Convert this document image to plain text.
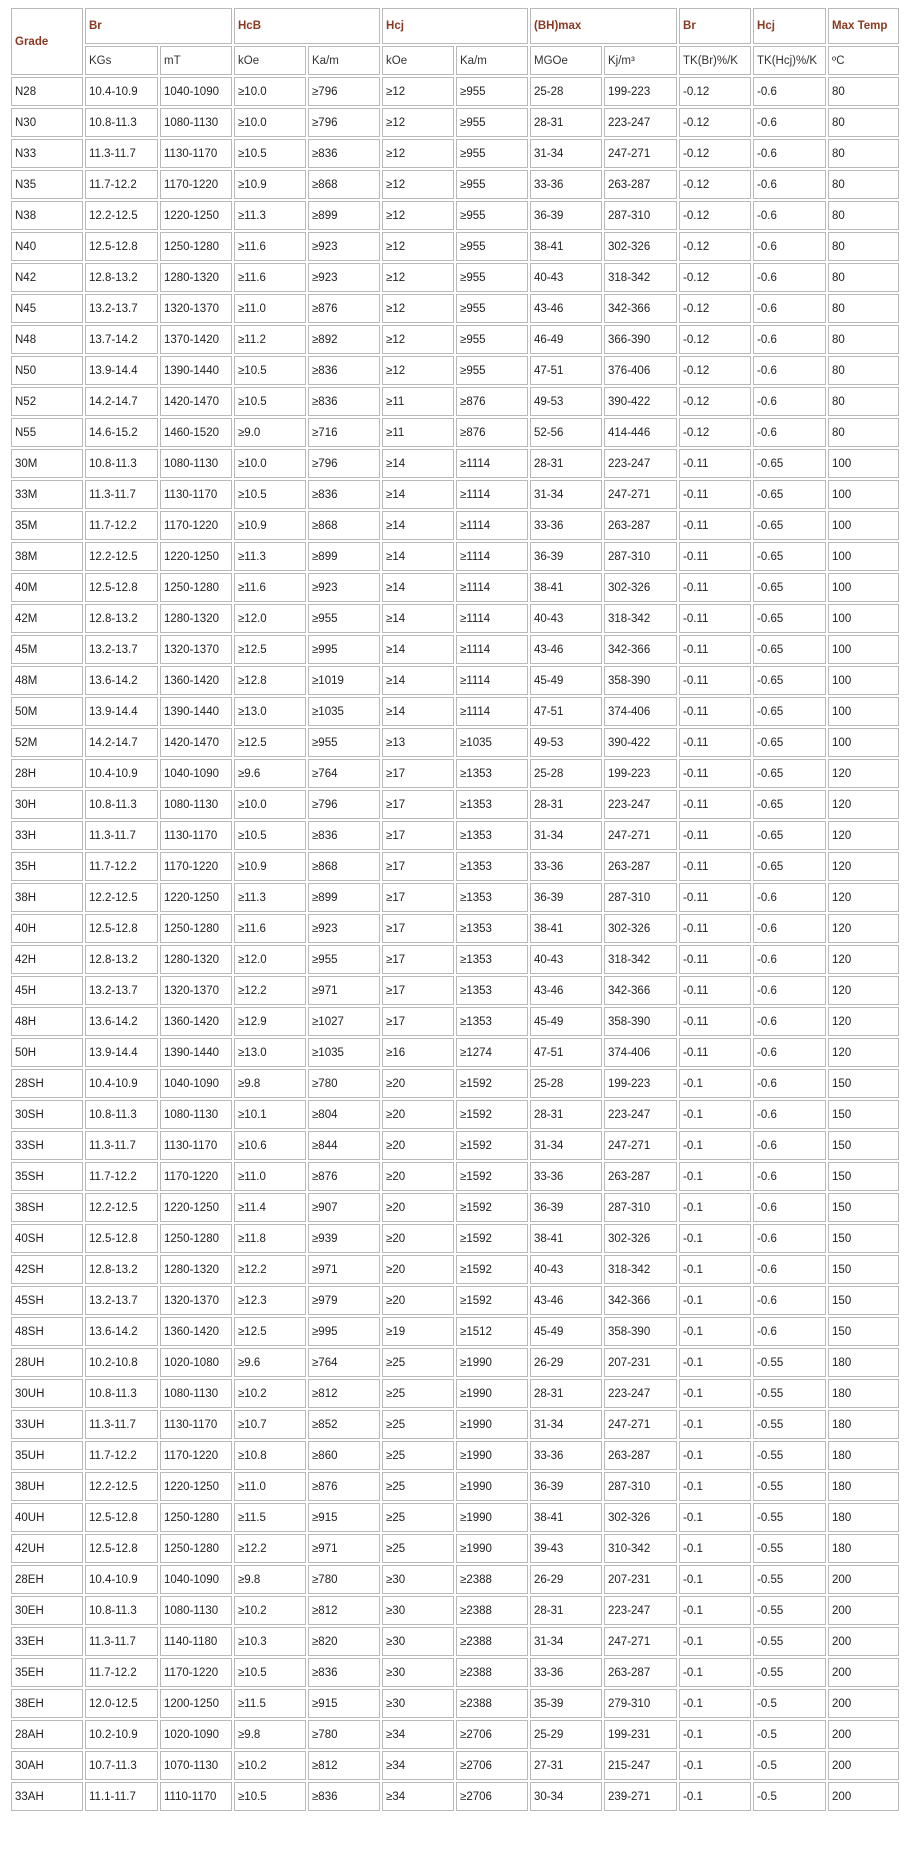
Grade	Br		HcB		Hcj		(BH)max		Br	Hcj	Max Temp
	KGs	mT	kOe	Ka/m	kOe	Ka/m	MGOe	Kj/m³	TK(Br)%/K	TK(Hcj)%/K	ºC
N28	10.4-10.9	1040-1090	≥10.0	≥796	≥12	≥955	25-28	199-223	-0.12	-0.6	80
N30	10.8-11.3	1080-1130	≥10.0	≥796	≥12	≥955	28-31	223-247	-0.12	-0.6	80
N33	11.3-11.7	1130-1170	≥10.5	≥836	≥12	≥955	31-34	247-271	-0.12	-0.6	80
N35	11.7-12.2	1170-1220	≥10.9	≥868	≥12	≥955	33-36	263-287	-0.12	-0.6	80
N38	12.2-12.5	1220-1250	≥11.3	≥899	≥12	≥955	36-39	287-310	-0.12	-0.6	80
N40	12.5-12.8	1250-1280	≥11.6	≥923	≥12	≥955	38-41	302-326	-0.12	-0.6	80
N42	12.8-13.2	1280-1320	≥11.6	≥923	≥12	≥955	40-43	318-342	-0.12	-0.6	80
N45	13.2-13.7	1320-1370	≥11.0	≥876	≥12	≥955	43-46	342-366	-0.12	-0.6	80
N48	13.7-14.2	1370-1420	≥11.2	≥892	≥12	≥955	46-49	366-390	-0.12	-0.6	80
N50	13.9-14.4	1390-1440	≥10.5	≥836	≥12	≥955	47-51	376-406	-0.12	-0.6	80
N52	14.2-14.7	1420-1470	≥10.5	≥836	≥11	≥876	49-53	390-422	-0.12	-0.6	80
N55	14.6-15.2	1460-1520	≥9.0	≥716	≥11	≥876	52-56	414-446	-0.12	-0.6	80
30M	10.8-11.3	1080-1130	≥10.0	≥796	≥14	≥1114	28-31	223-247	-0.11	-0.65	100
33M	11.3-11.7	1130-1170	≥10.5	≥836	≥14	≥1114	31-34	247-271	-0.11	-0.65	100
35M	11.7-12.2	1170-1220	≥10.9	≥868	≥14	≥1114	33-36	263-287	-0.11	-0.65	100
38M	12.2-12.5	1220-1250	≥11.3	≥899	≥14	≥1114	36-39	287-310	-0.11	-0.65	100
40M	12.5-12.8	1250-1280	≥11.6	≥923	≥14	≥1114	38-41	302-326	-0.11	-0.65	100
42M	12.8-13.2	1280-1320	≥12.0	≥955	≥14	≥1114	40-43	318-342	-0.11	-0.65	100
45M	13.2-13.7	1320-1370	≥12.5	≥995	≥14	≥1114	43-46	342-366	-0.11	-0.65	100
48M	13.6-14.2	1360-1420	≥12.8	≥1019	≥14	≥1114	45-49	358-390	-0.11	-0.65	100
50M	13.9-14.4	1390-1440	≥13.0	≥1035	≥14	≥1114	47-51	374-406	-0.11	-0.65	100
52M	14.2-14.7	1420-1470	≥12.5	≥955	≥13	≥1035	49-53	390-422	-0.11	-0.65	100
28H	10.4-10.9	1040-1090	≥9.6	≥764	≥17	≥1353	25-28	199-223	-0.11	-0.65	120
30H	10.8-11.3	1080-1130	≥10.0	≥796	≥17	≥1353	28-31	223-247	-0.11	-0.65	120
33H	11.3-11.7	1130-1170	≥10.5	≥836	≥17	≥1353	31-34	247-271	-0.11	-0.65	120
35H	11.7-12.2	1170-1220	≥10.9	≥868	≥17	≥1353	33-36	263-287	-0.11	-0.65	120
38H	12.2-12.5	1220-1250	≥11.3	≥899	≥17	≥1353	36-39	287-310	-0.11	-0.6	120
40H	12.5-12.8	1250-1280	≥11.6	≥923	≥17	≥1353	38-41	302-326	-0.11	-0.6	120
42H	12.8-13.2	1280-1320	≥12.0	≥955	≥17	≥1353	40-43	318-342	-0.11	-0.6	120
45H	13.2-13.7	1320-1370	≥12.2	≥971	≥17	≥1353	43-46	342-366	-0.11	-0.6	120
48H	13.6-14.2	1360-1420	≥12.9	≥1027	≥17	≥1353	45-49	358-390	-0.11	-0.6	120
50H	13.9-14.4	1390-1440	≥13.0	≥1035	≥16	≥1274	47-51	374-406	-0.11	-0.6	120
28SH	10.4-10.9	1040-1090	≥9.8	≥780	≥20	≥1592	25-28	199-223	-0.1	-0.6	150
30SH	10.8-11.3	1080-1130	≥10.1	≥804	≥20	≥1592	28-31	223-247	-0.1	-0.6	150
33SH	11.3-11.7	1130-1170	≥10.6	≥844	≥20	≥1592	31-34	247-271	-0.1	-0.6	150
35SH	11.7-12.2	1170-1220	≥11.0	≥876	≥20	≥1592	33-36	263-287	-0.1	-0.6	150
38SH	12.2-12.5	1220-1250	≥11.4	≥907	≥20	≥1592	36-39	287-310	-0.1	-0.6	150
40SH	12.5-12.8	1250-1280	≥11.8	≥939	≥20	≥1592	38-41	302-326	-0.1	-0.6	150
42SH	12.8-13.2	1280-1320	≥12.2	≥971	≥20	≥1592	40-43	318-342	-0.1	-0.6	150
45SH	13.2-13.7	1320-1370	≥12.3	≥979	≥20	≥1592	43-46	342-366	-0.1	-0.6	150
48SH	13.6-14.2	1360-1420	≥12.5	≥995	≥19	≥1512	45-49	358-390	-0.1	-0.6	150
28UH	10.2-10.8	1020-1080	≥9.6	≥764	≥25	≥1990	26-29	207-231	-0.1	-0.55	180
30UH	10.8-11.3	1080-1130	≥10.2	≥812	≥25	≥1990	28-31	223-247	-0.1	-0.55	180
33UH	11.3-11.7	1130-1170	≥10.7	≥852	≥25	≥1990	31-34	247-271	-0.1	-0.55	180
35UH	11.7-12.2	1170-1220	≥10.8	≥860	≥25	≥1990	33-36	263-287	-0.1	-0.55	180
38UH	12.2-12.5	1220-1250	≥11.0	≥876	≥25	≥1990	36-39	287-310	-0.1	-0.55	180
40UH	12.5-12.8	1250-1280	≥11.5	≥915	≥25	≥1990	38-41	302-326	-0.1	-0.55	180
42UH	12.5-12.8	1250-1280	≥12.2	≥971	≥25	≥1990	39-43	310-342	-0.1	-0.55	180
28EH	10.4-10.9	1040-1090	≥9.8	≥780	≥30	≥2388	26-29	207-231	-0.1	-0.55	200
30EH	10.8-11.3	1080-1130	≥10.2	≥812	≥30	≥2388	28-31	223-247	-0.1	-0.55	200
33EH	11.3-11.7	1140-1180	≥10.3	≥820	≥30	≥2388	31-34	247-271	-0.1	-0.55	200
35EH	11.7-12.2	1170-1220	≥10.5	≥836	≥30	≥2388	33-36	263-287	-0.1	-0.55	200
38EH	12.0-12.5	1200-1250	≥11.5	≥915	≥30	≥2388	35-39	279-310	-0.1	-0.5	200
28AH	10.2-10.9	1020-1090	≥9.8	≥780	≥34	≥2706	25-29	199-231	-0.1	-0.5	200
30AH	10.7-11.3	1070-1130	≥10.2	≥812	≥34	≥2706	27-31	215-247	-0.1	-0.5	200
33AH	11.1-11.7	1110-1170	≥10.5	≥836	≥34	≥2706	30-34	239-271	-0.1	-0.5	200
